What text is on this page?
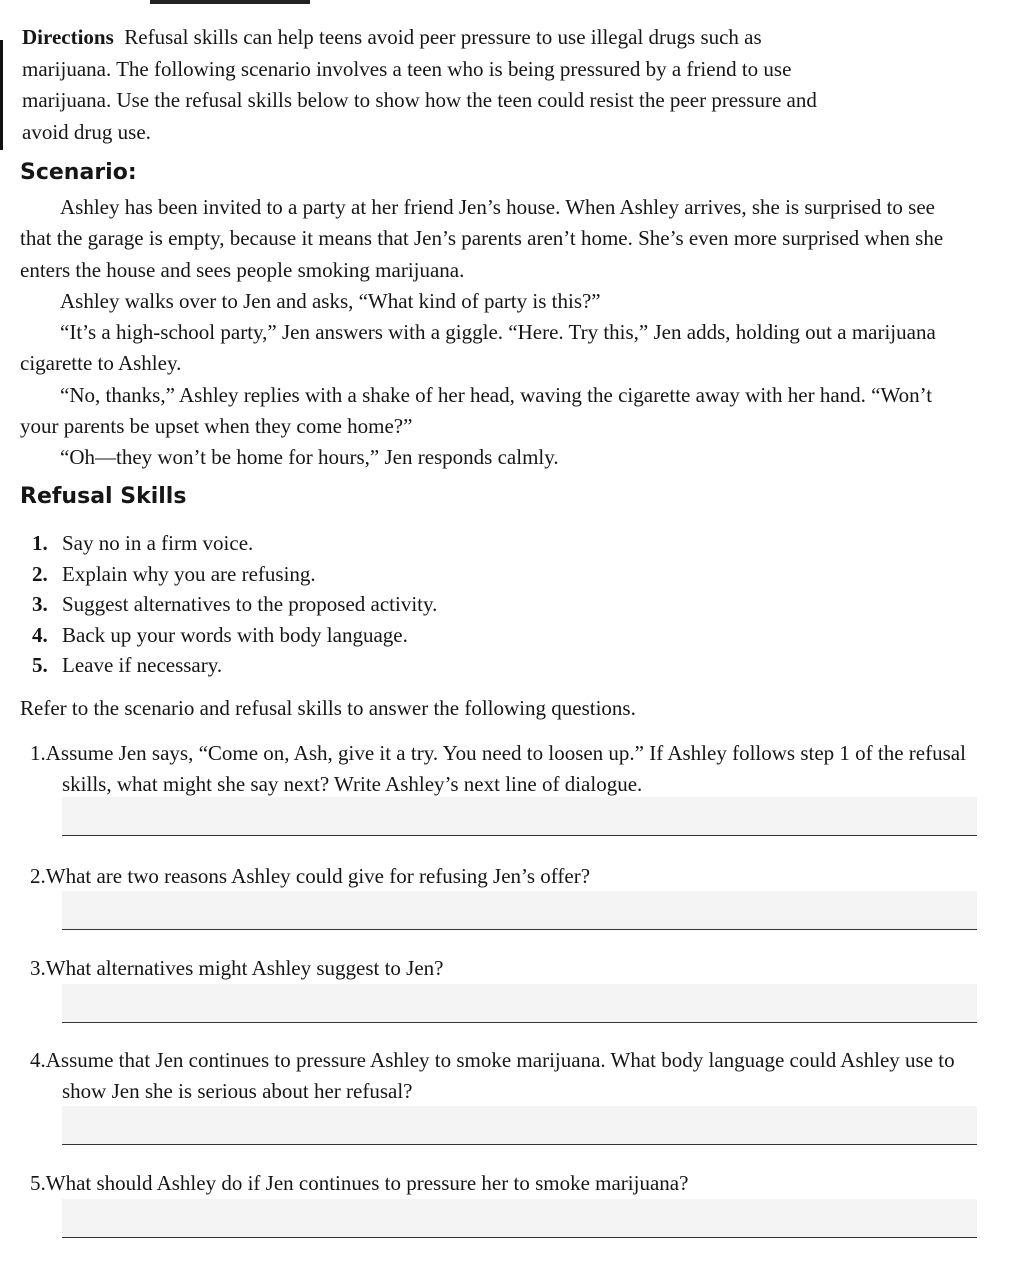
Directions Refusal skills can help teens avoid peer pressure to use illegal drugs such as marijuana. The following scenario involves a teen who is being pressured by a friend to use marijuana. Use the refusal skills below to show how the teen could resist the peer pressure and avoid drug use.
Scenario:

Ashley has been invited to a party at her friend Jen’s house. When Ashley arrives, she is surprised to see that the garage is empty, because it means that Jen’s parents aren’t home. She’s even more surprised when she enters the house and sees people smoking marijuana.

Ashley walks over to Jen and asks, “What kind of party is this?”

“It’s a high-school party,” Jen answers with a giggle. “Here. Try this,” Jen adds, holding out a marijuana cigarette to Ashley.

“No, thanks,” Ashley replies with a shake of her head, waving the cigarette away with her hand. “Won’t your parents be upset when they come home?”

“Oh—they won’t be home for hours,” Jen responds calmly.

Refusal Skills
1. Say no in a firm voice.
2. Explain why you are refusing.
3. Suggest alternatives to the proposed activity.
4. Back up your words with body language.
5. Leave if necessary.
Refer to the scenario and refusal skills to answer the following questions.
1.Assume Jen says, “Come on, Ash, give it a try. You need to loosen up.” If Ashley follows step 1 of the refusal skills, what might she say next? Write Ashley’s next line of dialogue.
2.What are two reasons Ashley could give for refusing Jen’s offer?
3.What alternatives might Ashley suggest to Jen?
4.Assume that Jen continues to pressure Ashley to smoke marijuana. What body language could Ashley use to show Jen she is serious about her refusal?
5.What should Ashley do if Jen continues to pressure her to smoke marijuana?
